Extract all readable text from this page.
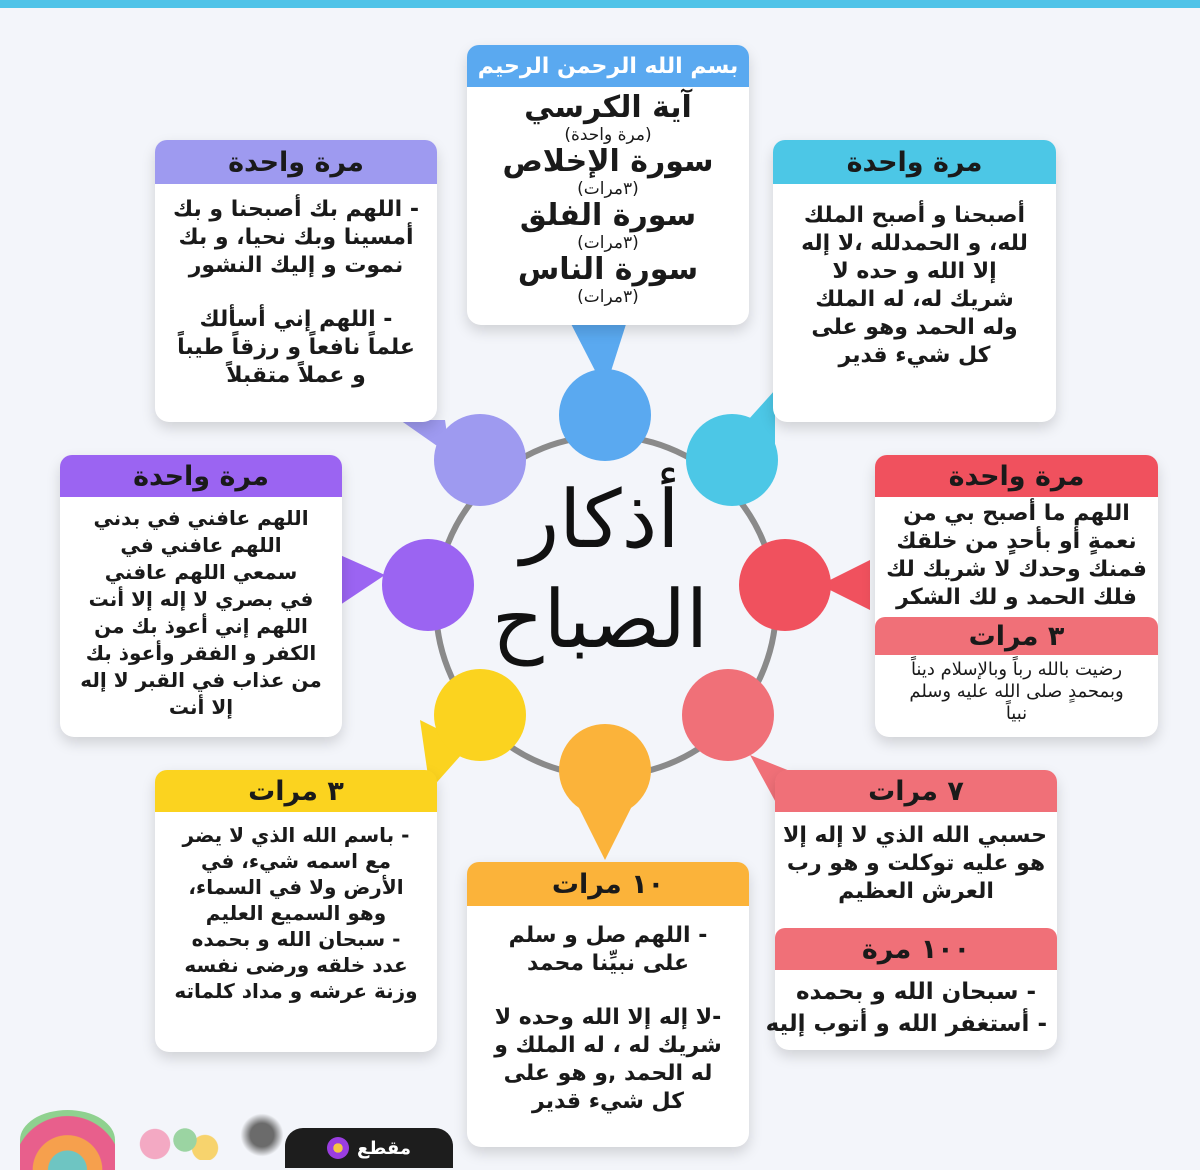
أذكار
الصباح
بسم الله الرحمن الرحيم
آية الكرسي
(مرة واحدة)
سورة الإخلاص
(٣مرات)
سورة الفلق
(٣مرات)
سورة الناس
(٣مرات)
مرة واحدة
أصبحنا و أصبح الملك
لله، و الحمدلله ،لا إله
إلا الله و حده لا
شريك له، له الملك
وله الحمد وهو على
كل شيء قدير
مرة واحدة
اللهم ما أصبح بي من
نعمةٍ أو بأحدٍ من خلقك
فمنك وحدك لا شريك لك
فلك الحمد و لك الشكر
٣ مرات
رضيت بالله رباً وبالإسلام ديناً
وبمحمدٍ صلى الله عليه وسلم
نبياً
٧ مرات
حسبي الله الذي لا إله إلا
هو عليه توكلت و هو رب
العرش العظيم
١٠٠ مرة
- سبحان الله و بحمده
- أستغفر الله و أتوب إليه
١٠ مرات
- اللهم صل و سلم
على نبيِّنا محمد
-لا إله إلا الله وحده لا
شريك له ، له الملك و
له الحمد ,و هو على
كل شيء قدير
٣ مرات
- باسم الله الذي لا يضر
مع اسمه شيء، في
الأرض ولا في السماء،
وهو السميع العليم
- سبحان الله و بحمده
عدد خلقه ورضى نفسه
وزنة عرشه و مداد كلماته
مرة واحدة
اللهم عافني في بدني
اللهم عافني في
سمعي اللهم عافني
في بصري لا إله إلا أنت
اللهم إني أعوذ بك من
الكفر و الفقر وأعوذ بك
من عذاب في القبر لا إله
إلا أنت
مرة واحدة
- اللهم بك أصبحنا و بك
أمسينا وبك نحيا، و بك
نموت و إليك النشور
- اللهم إني أسألك
علماً نافعاً و رزقاً طيباً
و عملاً متقبلاً
مقطع
